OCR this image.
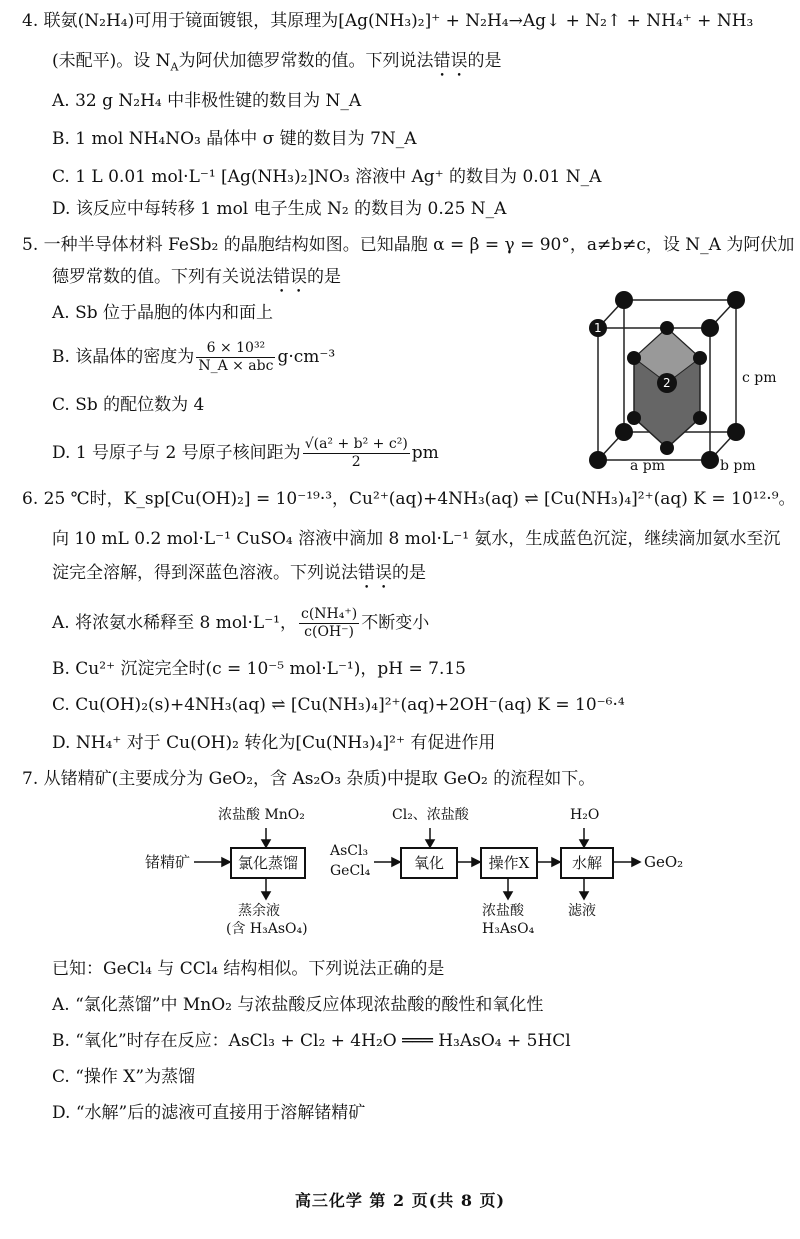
4. 联氨(N₂H₄)可用于镜面镀银，其原理为[Ag(NH₃)₂]⁺ + N₂H₄→Ag↓ + N₂↑ + NH₄⁺ + NH₃
(未配平)。设 $N_A$为阿伏加德罗常数的值。下列说法错误的是
A. 32 g N₂H₄ 中非极性键的数目为 N_A
B. 1 mol NH₄NO₃ 晶体中 σ 键的数目为 7N_A
C. 1 L 0.01 mol·L⁻¹ [Ag(NH₃)₂]NO₃ 溶液中 Ag⁺ 的数目为 0.01 N_A
D. 该反应中每转移 1 mol 电子生成 N₂ 的数目为 0.25 N_A
5. 一种半导体材料 FeSb₂ 的晶胞结构如图。已知晶胞 α = β = γ = 90°，a≠b≠c，设 N_A 为阿伏加
德罗常数的值。下列有关说法错误的是
A. Sb 位于晶胞的体内和面上
B. 该晶体的密度为 $\frac{\text{6 × 10³²}}{\text{N\_A × abc}} g\cdot cm^{-3}$
C. Sb 的配位数为 4
D. 1 号原子与 2 号原子核间距为 $\frac{\text{√(a² + b² + c²)}}{2}$ pm
1
2	c pm
a pm	b pm
6. 25 ℃时，K_sp[Cu(OH)₂] = 10⁻¹⁹·³，Cu²⁺(aq)+4NH₃(aq) ⇌ [Cu(NH₃)₄]²⁺(aq) K = 10¹²·⁹。
向 10 mL 0.2 mol·L⁻¹ CuSO₄ 溶液中滴加 8 mol·L⁻¹ 氨水，生成蓝色沉淀，继续滴加氨水至沉
淀完全溶解，得到深蓝色溶液。下列说法错误的是
A. 将浓氨水稀释至 8 mol·L⁻¹， $\frac{\text{c(NH₄⁺)}}{c(OH^-)}$ 不断变小
B. Cu²⁺ 沉淀完全时(c = 10⁻⁵ mol·L⁻¹)，pH = 7.15
C. Cu(OH)₂(s)+4NH₃(aq) ⇌ [Cu(NH₃)₄]²⁺(aq)+2OH⁻(aq) K = 10⁻⁶·⁴
D. NH₄⁺ 对于 Cu(OH)₂ 转化为[Cu(NH₃)₄]²⁺ 有促进作用
7. 从锗精矿(主要成分为 GeO₂，含 As₂O₃ 杂质)中提取 GeO₂ 的流程如下。
锗精矿
浓盐酸 MnO₂
氯化蒸馏
AsCl₃
GeCl₄
蒸余液
(含 H₃AsO₄)
Cl₂、浓盐酸
氧化	操作X
浓盐酸
H₃AsO₄
H₂O
水解
滤液
GeO₂
已知：GeCl₄ 与 CCl₄ 结构相似。下列说法正确的是
A. “氯化蒸馏”中 MnO₂ 与浓盐酸反应体现浓盐酸的酸性和氧化性
B. “氧化”时存在反应：AsCl₃ + Cl₂ + 4H₂O ═══ H₃AsO₄ + 5HCl
C. “操作 X”为蒸馏
D. “水解”后的滤液可直接用于溶解锗精矿
高三化学 第 2 页(共 8 页)
